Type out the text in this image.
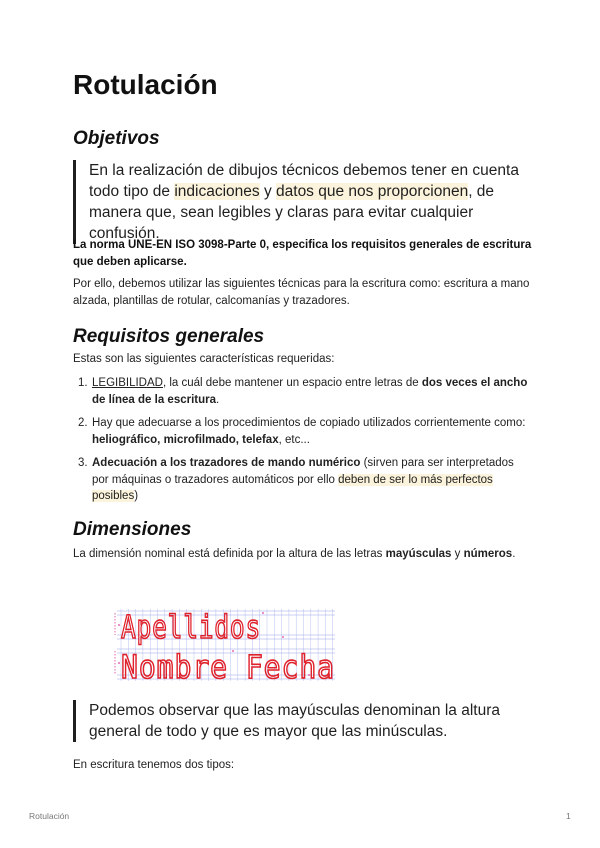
Rotulación
Objetivos
En la realización de dibujos técnicos debemos tener en cuenta todo tipo de indicaciones y datos que nos proporcionen, de manera que, sean legibles y claras para evitar cualquier confusión.

La norma UNE-EN ISO 3098-Parte 0, especifica los requisitos generales de escritura que deben aplicarse.

Por ello, debemos utilizar las siguientes técnicas para la escritura como: escritura a mano alzada, plantillas de rotular, calcomanías y trazadores.

Requisitos generales

Estas son las siguientes características requeridas:

1. LEGIBILIDAD, la cuál debe mantener un espacio entre letras de dos veces el ancho de línea de la escritura.
2. Hay que adecuarse a los procedimientos de copiado utilizados corrientemente como: heliográfico, microfilmado, telefax, etc...
3. Adecuación a los trazadores de mando numérico (sirven para ser interpretados por máquinas o trazadores automáticos por ello deben de ser lo más perfectos posibles)
Dimensiones

La dimensión nominal está definida por la altura de las letras mayúsculas y números.

Podemos observar que las mayúsculas denominan la altura general de todo y que es mayor que las minúsculas.

En escritura tenemos dos tipos:

Apellidos
Nombre Fecha
Rotulación	1
